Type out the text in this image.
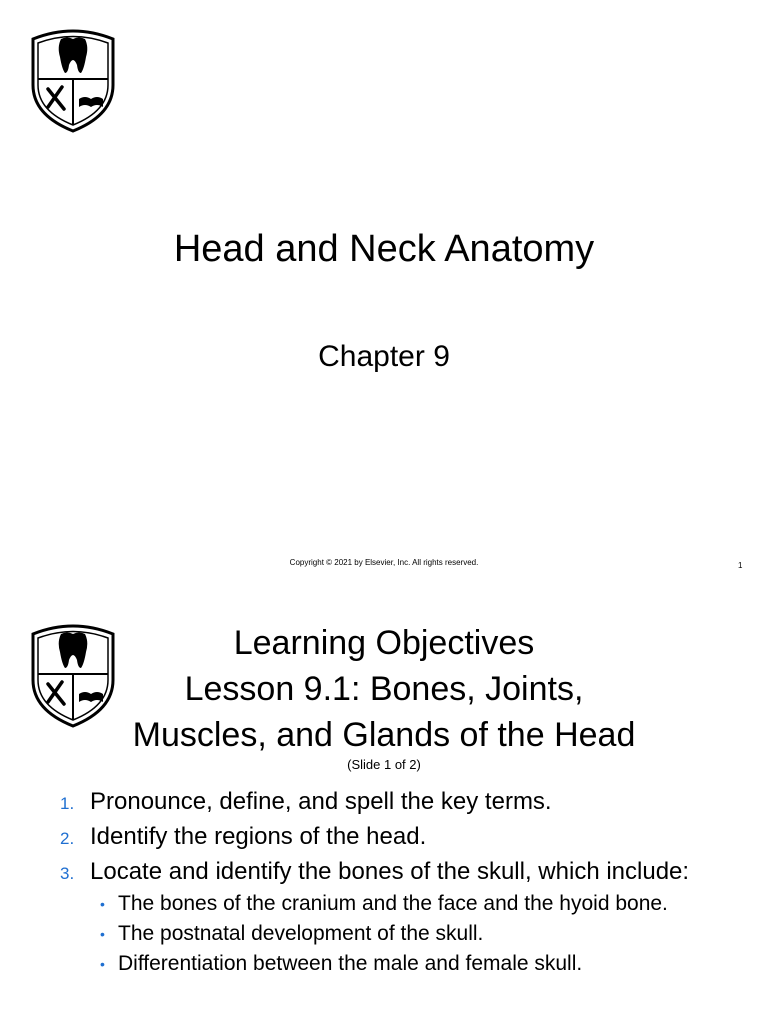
Head and Neck Anatomy
Chapter 9
Copyright © 2021 by Elsevier, Inc. All rights reserved.	1
Learning Objectives
Lesson 9.1: Bones, Joints,
Muscles, and Glands of the Head
(Slide 1 of 2)
1. Pronounce, define, and spell the key terms.
2. Identify the regions of the head.
3. Locate and identify the bones of the skull, which include:
• The bones of the cranium and the face and the hyoid bone.
• The postnatal development of the skull.
• Differentiation between the male and female skull.
